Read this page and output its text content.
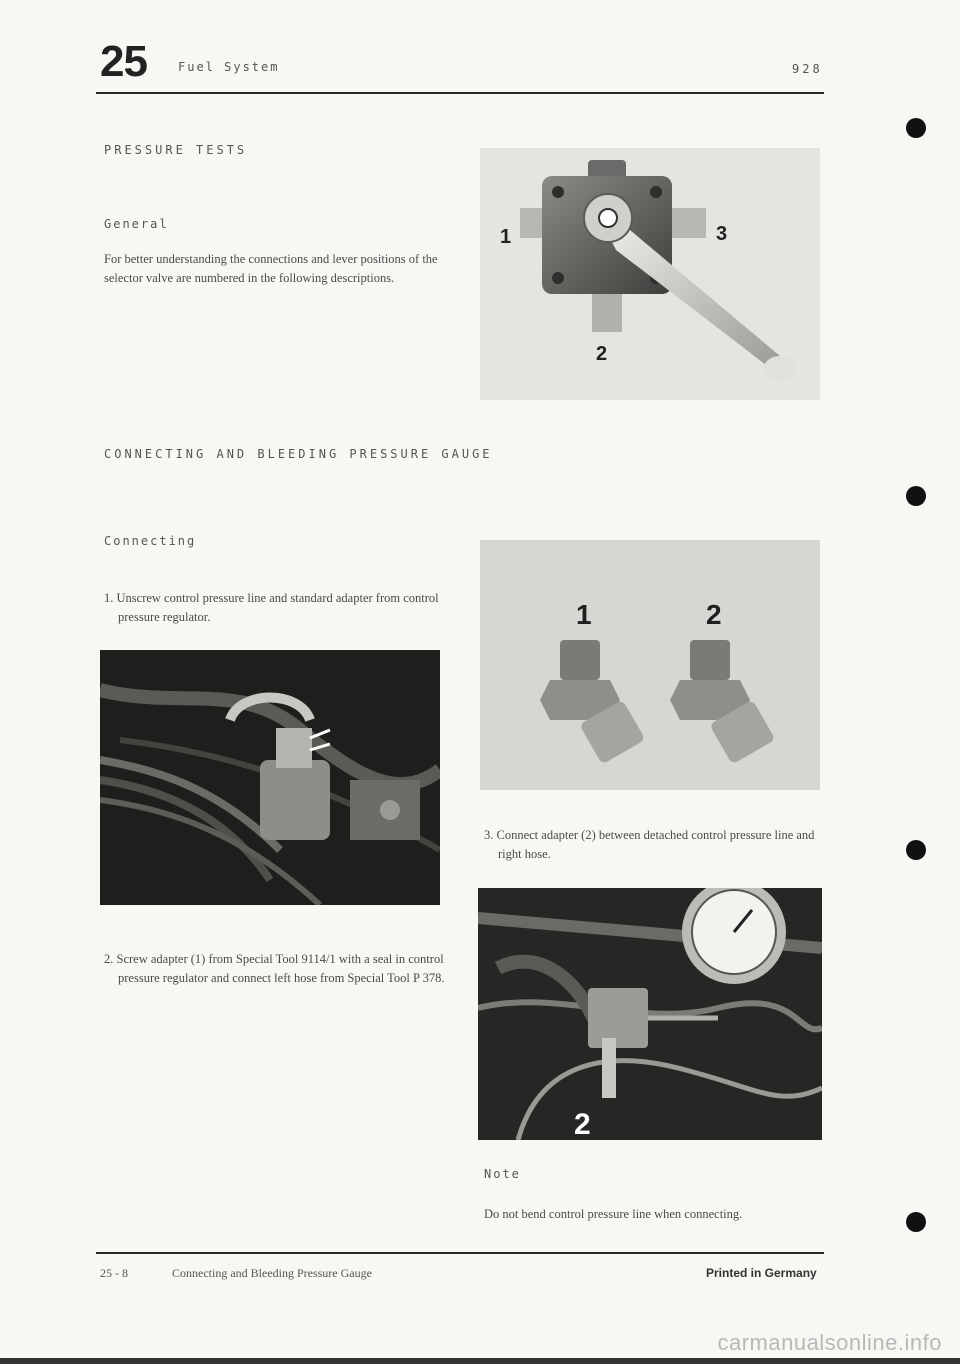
25	Fuel System	928
PRESSURE TESTS
General
For better understanding the connections and lever positions of the selector valve are numbered in the following descriptions.
1
2
3
CONNECTING AND BLEEDING PRESSURE GAUGE
Connecting
1. Unscrew control pressure line and standard adapter from control pressure regulator.
2. Screw adapter (1) from Special Tool 9114/1 with a seal in control pressure regulator and connect left hose from Special Tool P 378.
1	2
3. Connect adapter (2) between detached control pressure line and right hose.
2
Note
Do not bend control pressure line when connecting.
25 - 8	Connecting and Bleeding Pressure Gauge	Printed in Germany
carmanualsonline.info
